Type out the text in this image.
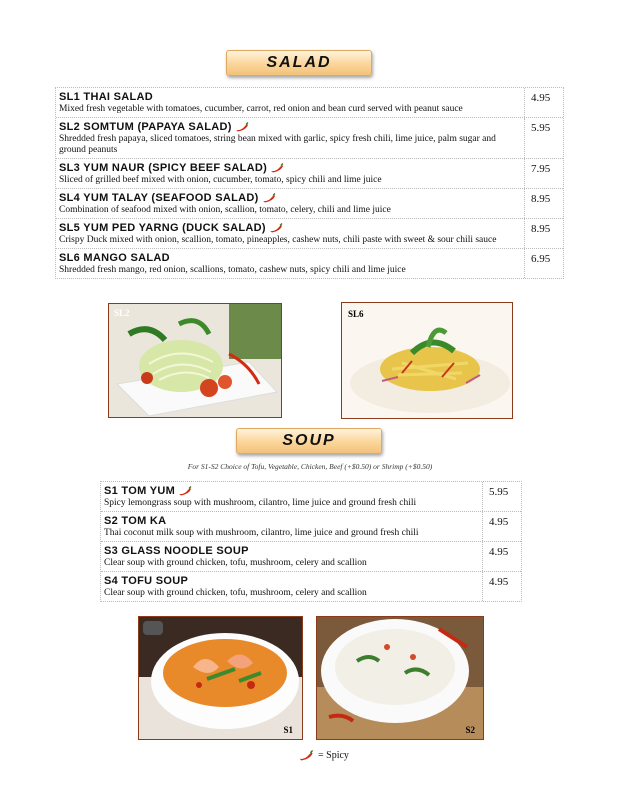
SALAD
SL1 THAI SALAD
Mixed fresh vegetable with tomatoes, cucumber, carrot, red onion and bean curd served with peanut sauce
4.95
SL2 SOMTUM (PAPAYA SALAD)
Shredded fresh papaya, sliced tomatoes, string bean mixed with garlic, spicy fresh chili, lime juice, palm sugar and ground peanuts
5.95
SL3 YUM NAUR (SPICY BEEF SALAD)
Sliced of grilled beef mixed with onion, cucumber, tomato, spicy chili and lime juice
7.95
SL4 YUM TALAY (SEAFOOD SALAD)
Combination of seafood mixed with onion, scallion, tomato, celery, chili and lime juice
8.95
SL5 YUM PED YARNG (DUCK SALAD)
Crispy Duck mixed with onion, scallion, tomato, pineapples, cashew nuts, chili paste with sweet & sour chili sauce
8.95
SL6 MANGO SALAD
Shredded fresh mango, red onion, scallions, tomato, cashew nuts, spicy chili and lime juice
6.95
SL2	SL6
SOUP
For S1-S2 Choice of Tofu, Vegetable, Chicken, Beef (+$0.50) or Shrimp (+$0.50)
S1 TOM YUM
Spicy lemongrass soup with mushroom, cilantro, lime juice and ground fresh chili
5.95
S2 TOM KA
Thai coconut milk soup with mushroom, cilantro, lime juice and ground fresh chili
4.95
S3 GLASS NOODLE SOUP
Clear soup with ground chicken, tofu, mushroom, celery and scallion
4.95
S4 TOFU SOUP
Clear soup with ground chicken, tofu, mushroom, celery and scallion
4.95
S1	S2
= Spicy
